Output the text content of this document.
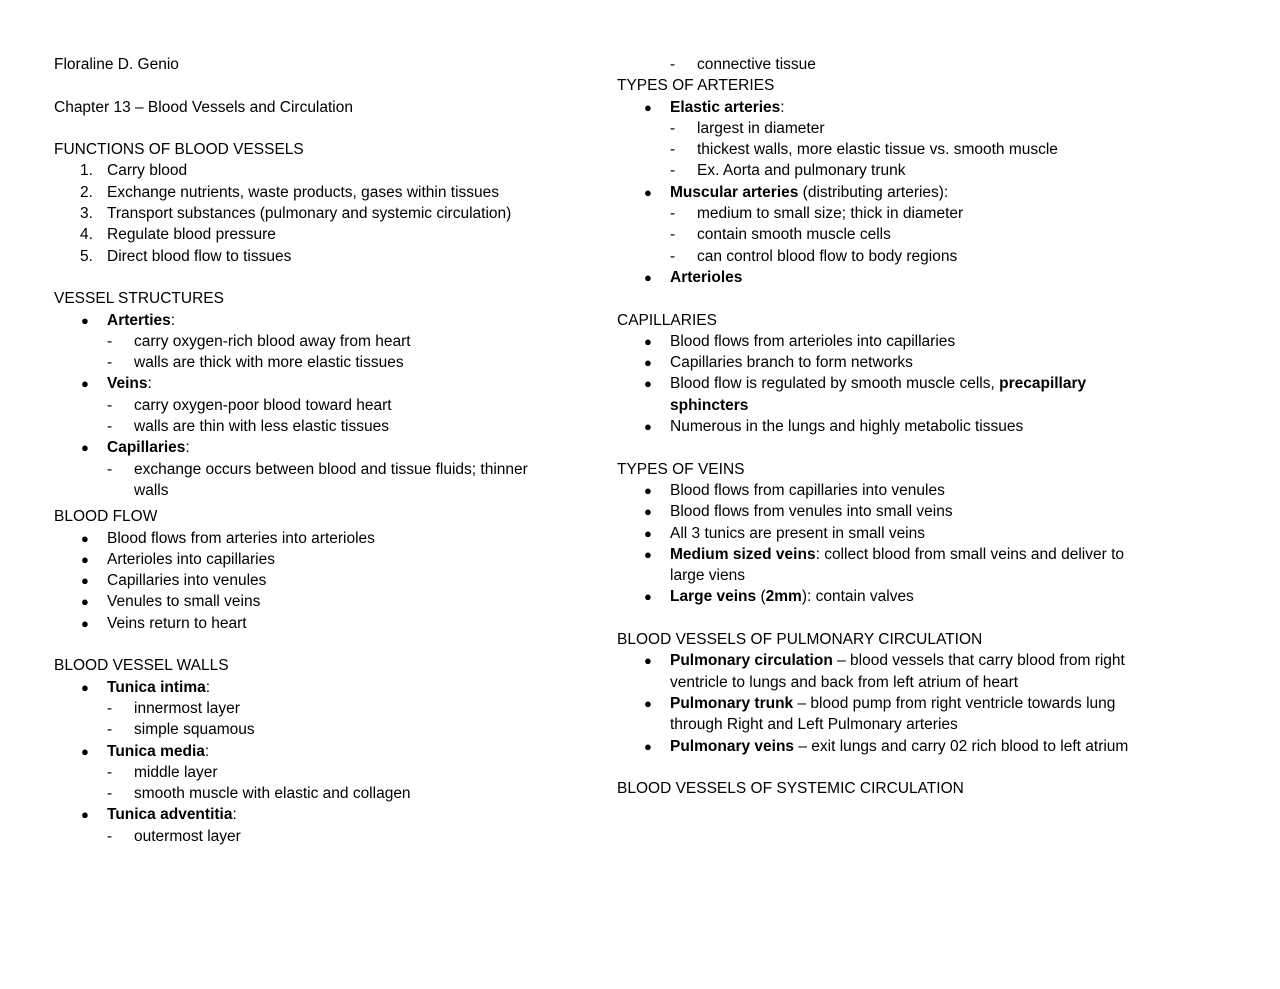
Floraline D. Genio

Chapter 13 – Blood Vessels and Circulation

FUNCTIONS OF BLOOD VESSELS

1. Carry blood
2. Exchange nutrients, waste products, gases within tissues
3. Transport substances (pulmonary and systemic circulation)
4. Regulate blood pressure
5. Direct blood flow to tissues

VESSEL STRUCTURES

● Arterties:
- carry oxygen-rich blood away from heart
- walls are thick with more elastic tissues
● Veins:
- carry oxygen-poor blood toward heart
- walls are thin with less elastic tissues
● Capillaries:
- exchange occurs between blood and tissue fluids; thinner walls

BLOOD FLOW

● Blood flows from arteries into arterioles
● Arterioles into capillaries
● Capillaries into venules
● Venules to small veins
● Veins return to heart

BLOOD VESSEL WALLS

● Tunica intima:
- innermost layer
- simple squamous
● Tunica media:
- middle layer
- smooth muscle with elastic and collagen
● Tunica adventitia:
- outermost layer
- connective tissue

TYPES OF ARTERIES

● Elastic arteries:
- largest in diameter
- thickest walls, more elastic tissue vs. smooth muscle
- Ex. Aorta and pulmonary trunk
● Muscular arteries (distributing arteries):
- medium to small size; thick in diameter
- contain smooth muscle cells
- can control blood flow to body regions
● Arterioles

CAPILLARIES

● Blood flows from arterioles into capillaries
● Capillaries branch to form networks
● Blood flow is regulated by smooth muscle cells, precapillary sphincters
● Numerous in the lungs and highly metabolic tissues

TYPES OF VEINS

● Blood flows from capillaries into venules
● Blood flows from venules into small veins
● All 3 tunics are present in small veins
● Medium sized veins: collect blood from small veins and deliver to large viens
● Large veins (2mm): contain valves

BLOOD VESSELS OF PULMONARY CIRCULATION

● Pulmonary circulation – blood vessels that carry blood from right ventricle to lungs and back from left atrium of heart
● Pulmonary trunk – blood pump from right ventricle towards lung through Right and Left Pulmonary arteries
● Pulmonary veins – exit lungs and carry 02 rich blood to left atrium

BLOOD VESSELS OF SYSTEMIC CIRCULATION
